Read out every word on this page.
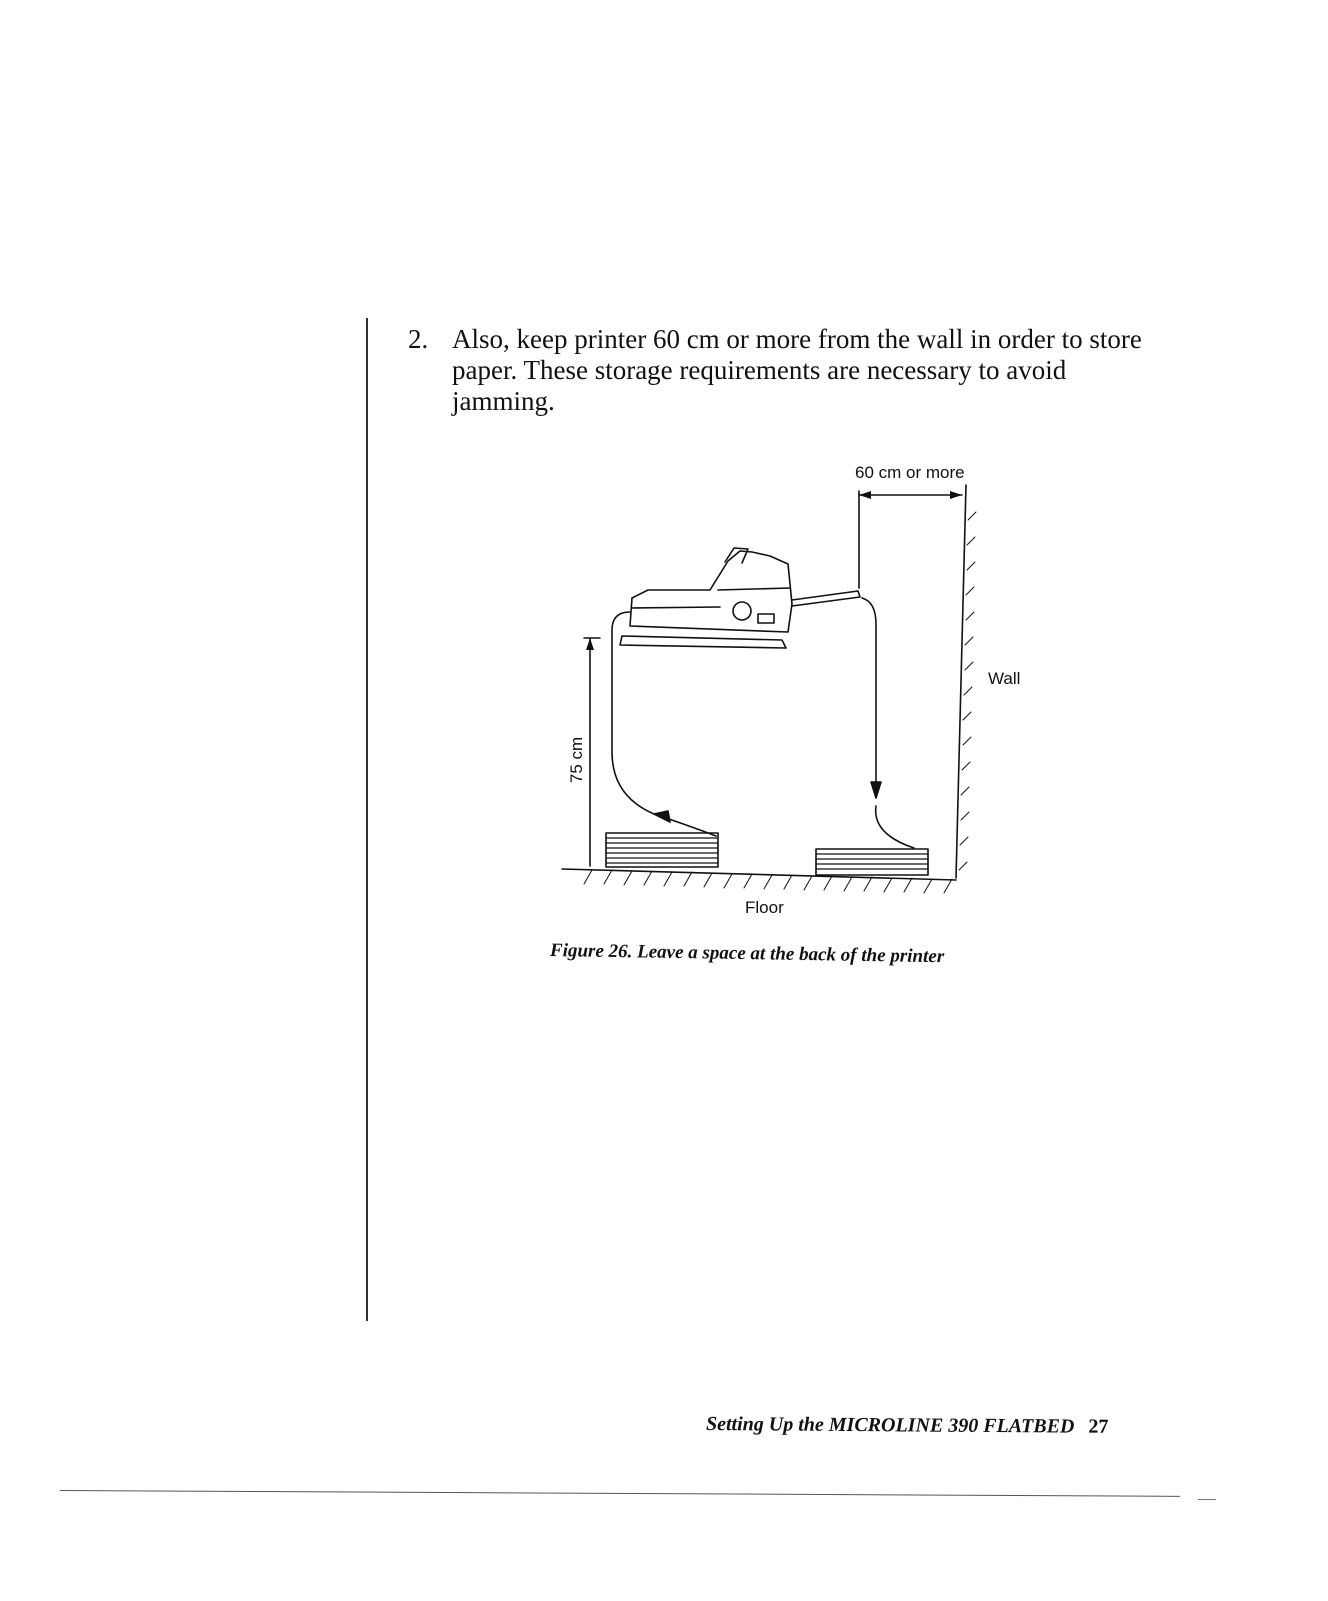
2. Also, keep printer 60 cm or more from the wall in order to store paper. These storage requirements are necessary to avoid jamming.
60 cm or more
Wall
Floor
75 cm
Figure 26. Leave a space at the back of the printer
Setting Up the MICROLINE 390 FLATBED 27
